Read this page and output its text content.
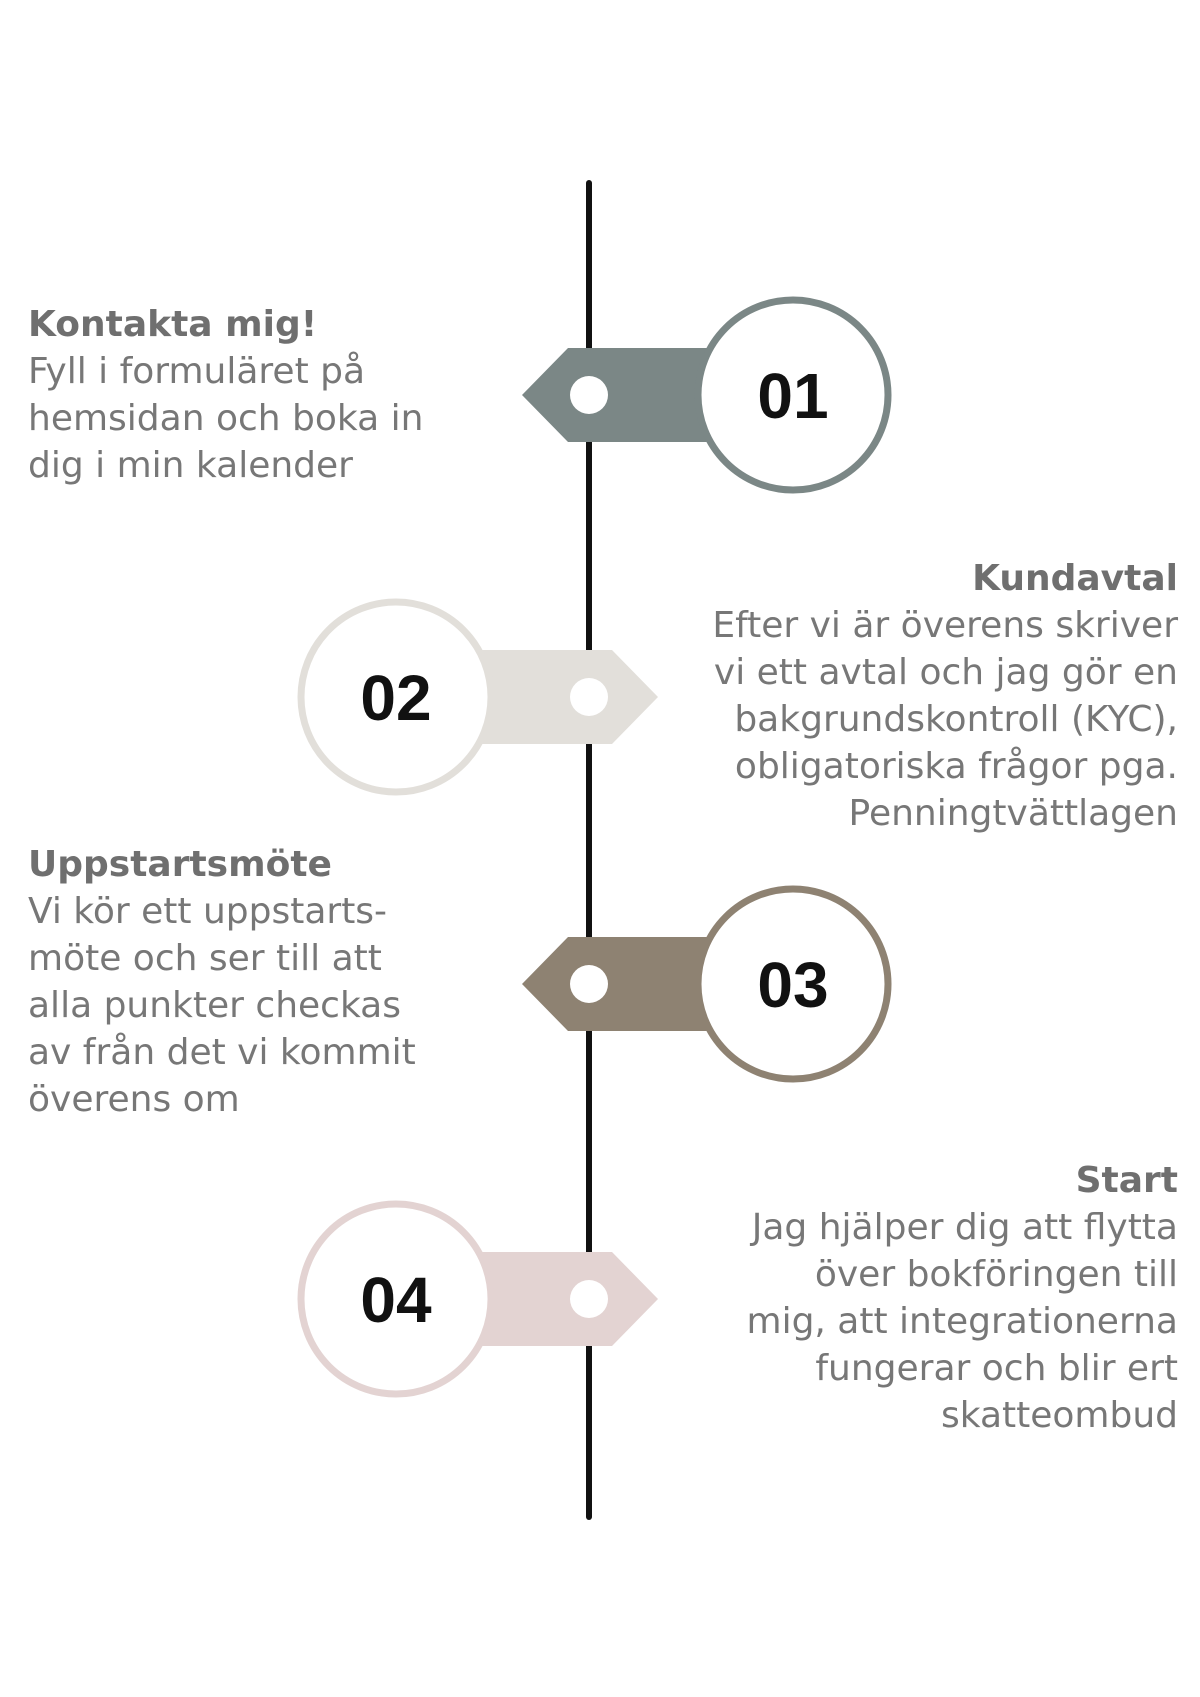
01
02
03
04
Kontakta mig!
Fyll i formuläret på
hemsidan och boka in
dig i min kalender
Kundavtal
Efter vi är överens skriver
vi ett avtal och jag gör en
bakgrundskontroll (KYC),
obligatoriska frågor pga.
Penningtvättlagen
Uppstartsmöte
Vi kör ett uppstarts-
möte och ser till att
alla punkter checkas
av från det vi kommit
överens om
Start
Jag hjälper dig att flytta
över bokföringen till
mig, att integrationerna
fungerar och blir ert
skatteombud
